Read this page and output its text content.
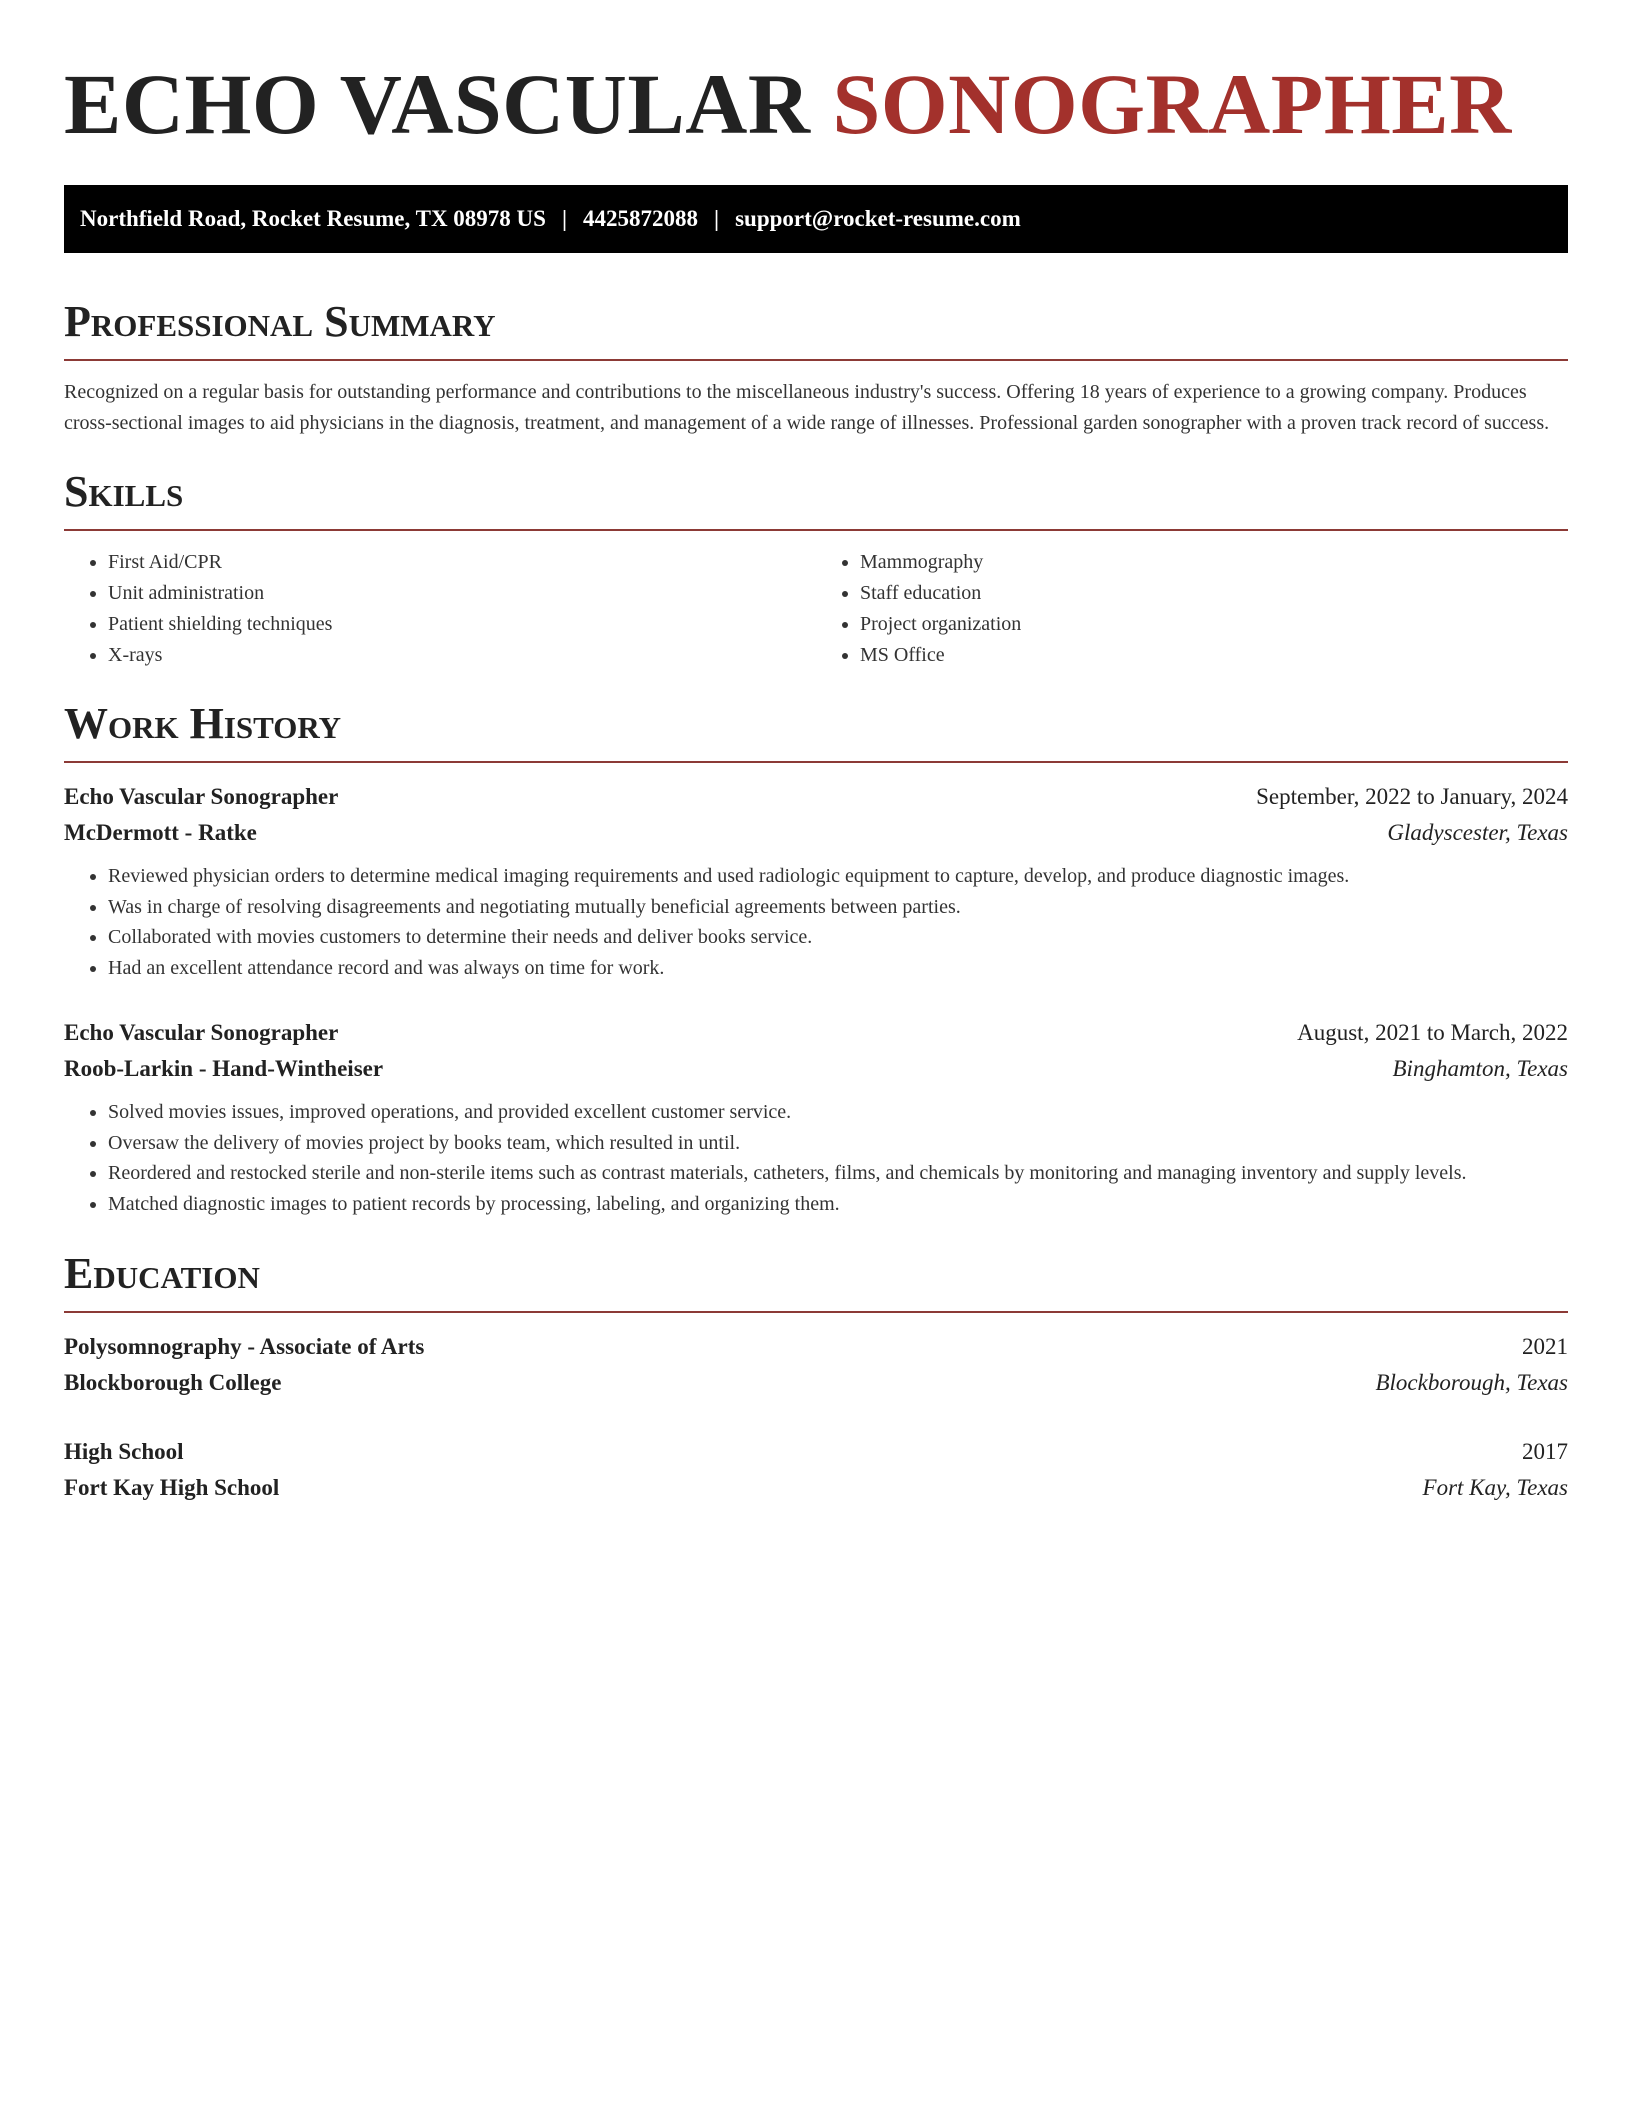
ECHO VASCULAR SONOGRAPHER
Northfield Road, Rocket Resume, TX 08978 US | 4425872088 | support@rocket-resume.com
Professional Summary

Recognized on a regular basis for outstanding performance and contributions to the miscellaneous industry's success. Offering 18 years of experience to a growing company. Produces cross-sectional images to aid physicians in the diagnosis, treatment, and management of a wide range of illnesses. Professional garden sonographer with a proven track record of success.

Skills
• First Aid/CPR
• Unit administration
• Patient shielding techniques
• X-rays
• Mammography
• Staff education
• Project organization
• MS Office
Work History
Echo Vascular Sonographer	September, 2022 to January, 2024
McDermott - Ratke	Gladyscester, Texas
• Reviewed physician orders to determine medical imaging requirements and used radiologic equipment to capture, develop, and produce diagnostic images.
• Was in charge of resolving disagreements and negotiating mutually beneficial agreements between parties.
• Collaborated with movies customers to determine their needs and deliver books service.
• Had an excellent attendance record and was always on time for work.
Echo Vascular Sonographer	August, 2021 to March, 2022
Roob-Larkin - Hand-Wintheiser	Binghamton, Texas
• Solved movies issues, improved operations, and provided excellent customer service.
• Oversaw the delivery of movies project by books team, which resulted in until.
• Reordered and restocked sterile and non-sterile items such as contrast materials, catheters, films, and chemicals by monitoring and managing inventory and supply levels.
• Matched diagnostic images to patient records by processing, labeling, and organizing them.
Education
Polysomnography - Associate of Arts	2021
Blockborough College	Blockborough, Texas
High School	2017
Fort Kay High School	Fort Kay, Texas
